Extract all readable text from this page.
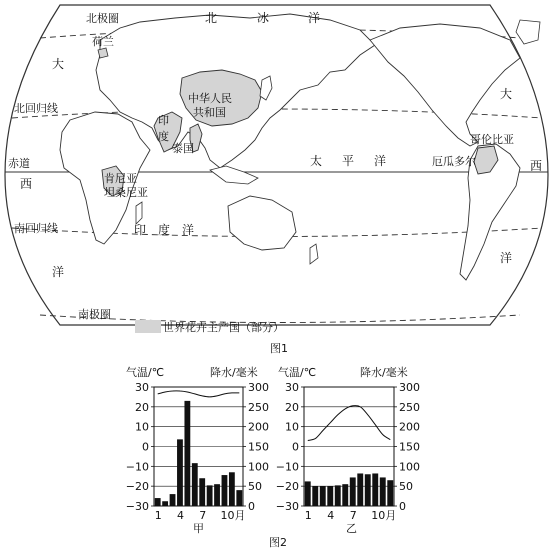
荷兰
中华人民
共和国
印
度
泰国
肯尼亚
坦桑尼亚
哥伦比亚
厄瓜多尔
北极圈
北回归线
赤道
南回归线
南极圈
北	冰	洋
太 平 洋
印 度 洋
大
西
洋
大
西
洋
世界花卉主产国（部分）
图1
气温/℃	降水/毫米
30
20
10
0
−10
−20
−30
300
250
200
150
100
50
0
1 4 7 10月
甲
气温/℃	降水/毫米
30
20
10
0
−10
−20
−30
300
250
200
150
100
50
0
1 4 7 10月
乙
图2
